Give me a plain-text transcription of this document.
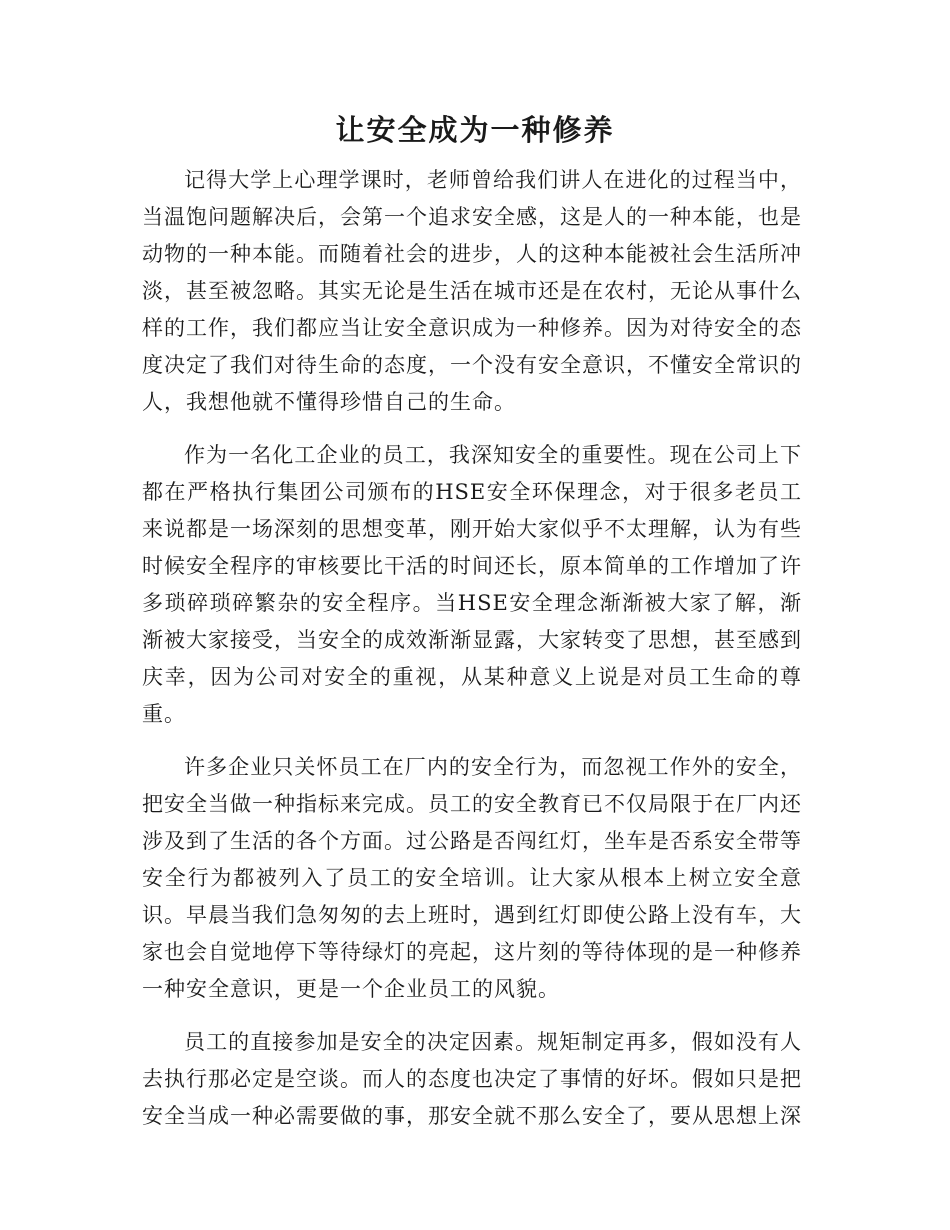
让安全成为一种修养

记得大学上心理学课时，老师曾给我们讲人在进化的过程当中，当温饱问题解决后，会第一个追求安全感，这是人的一种本能，也是动物的一种本能。而随着社会的进步，人的这种本能被社会生活所冲淡，甚至被忽略。其实无论是生活在城市还是在农村，无论从事什么样的工作，我们都应当让安全意识成为一种修养。因为对待安全的态度决定了我们对待生命的态度，一个没有安全意识，不懂安全常识的人，我想他就不懂得珍惜自己的生命。

作为一名化工企业的员工，我深知安全的重要性。现在公司上下都在严格执行集团公司颁布的HSE安全环保理念，对于很多老员工来说都是一场深刻的思想变革，刚开始大家似乎不太理解，认为有些时候安全程序的审核要比干活的时间还长，原本简单的工作增加了许多琐碎琐碎繁杂的安全程序。当HSE安全理念渐渐被大家了解，渐渐被大家接受，当安全的成效渐渐显露，大家转变了思想，甚至感到庆幸，因为公司对安全的重视，从某种意义上说是对员工生命的尊重。

许多企业只关怀员工在厂内的安全行为，而忽视工作外的安全，把安全当做一种指标来完成。员工的安全教育已不仅局限于在厂内还涉及到了生活的各个方面。过公路是否闯红灯，坐车是否系安全带等安全行为都被列入了员工的安全培训。让大家从根本上树立安全意识。早晨当我们急匆匆的去上班时，遇到红灯即使公路上没有车，大家也会自觉地停下等待绿灯的亮起，这片刻的等待体现的是一种修养一种安全意识，更是一个企业员工的风貌。

员工的直接参加是安全的决定因素。规矩制定再多，假如没有人去执行那必定是空谈。而人的态度也决定了事情的好坏。假如只是把安全当成一种必需要做的事，那安全就不那么安全了，要从思想上深
